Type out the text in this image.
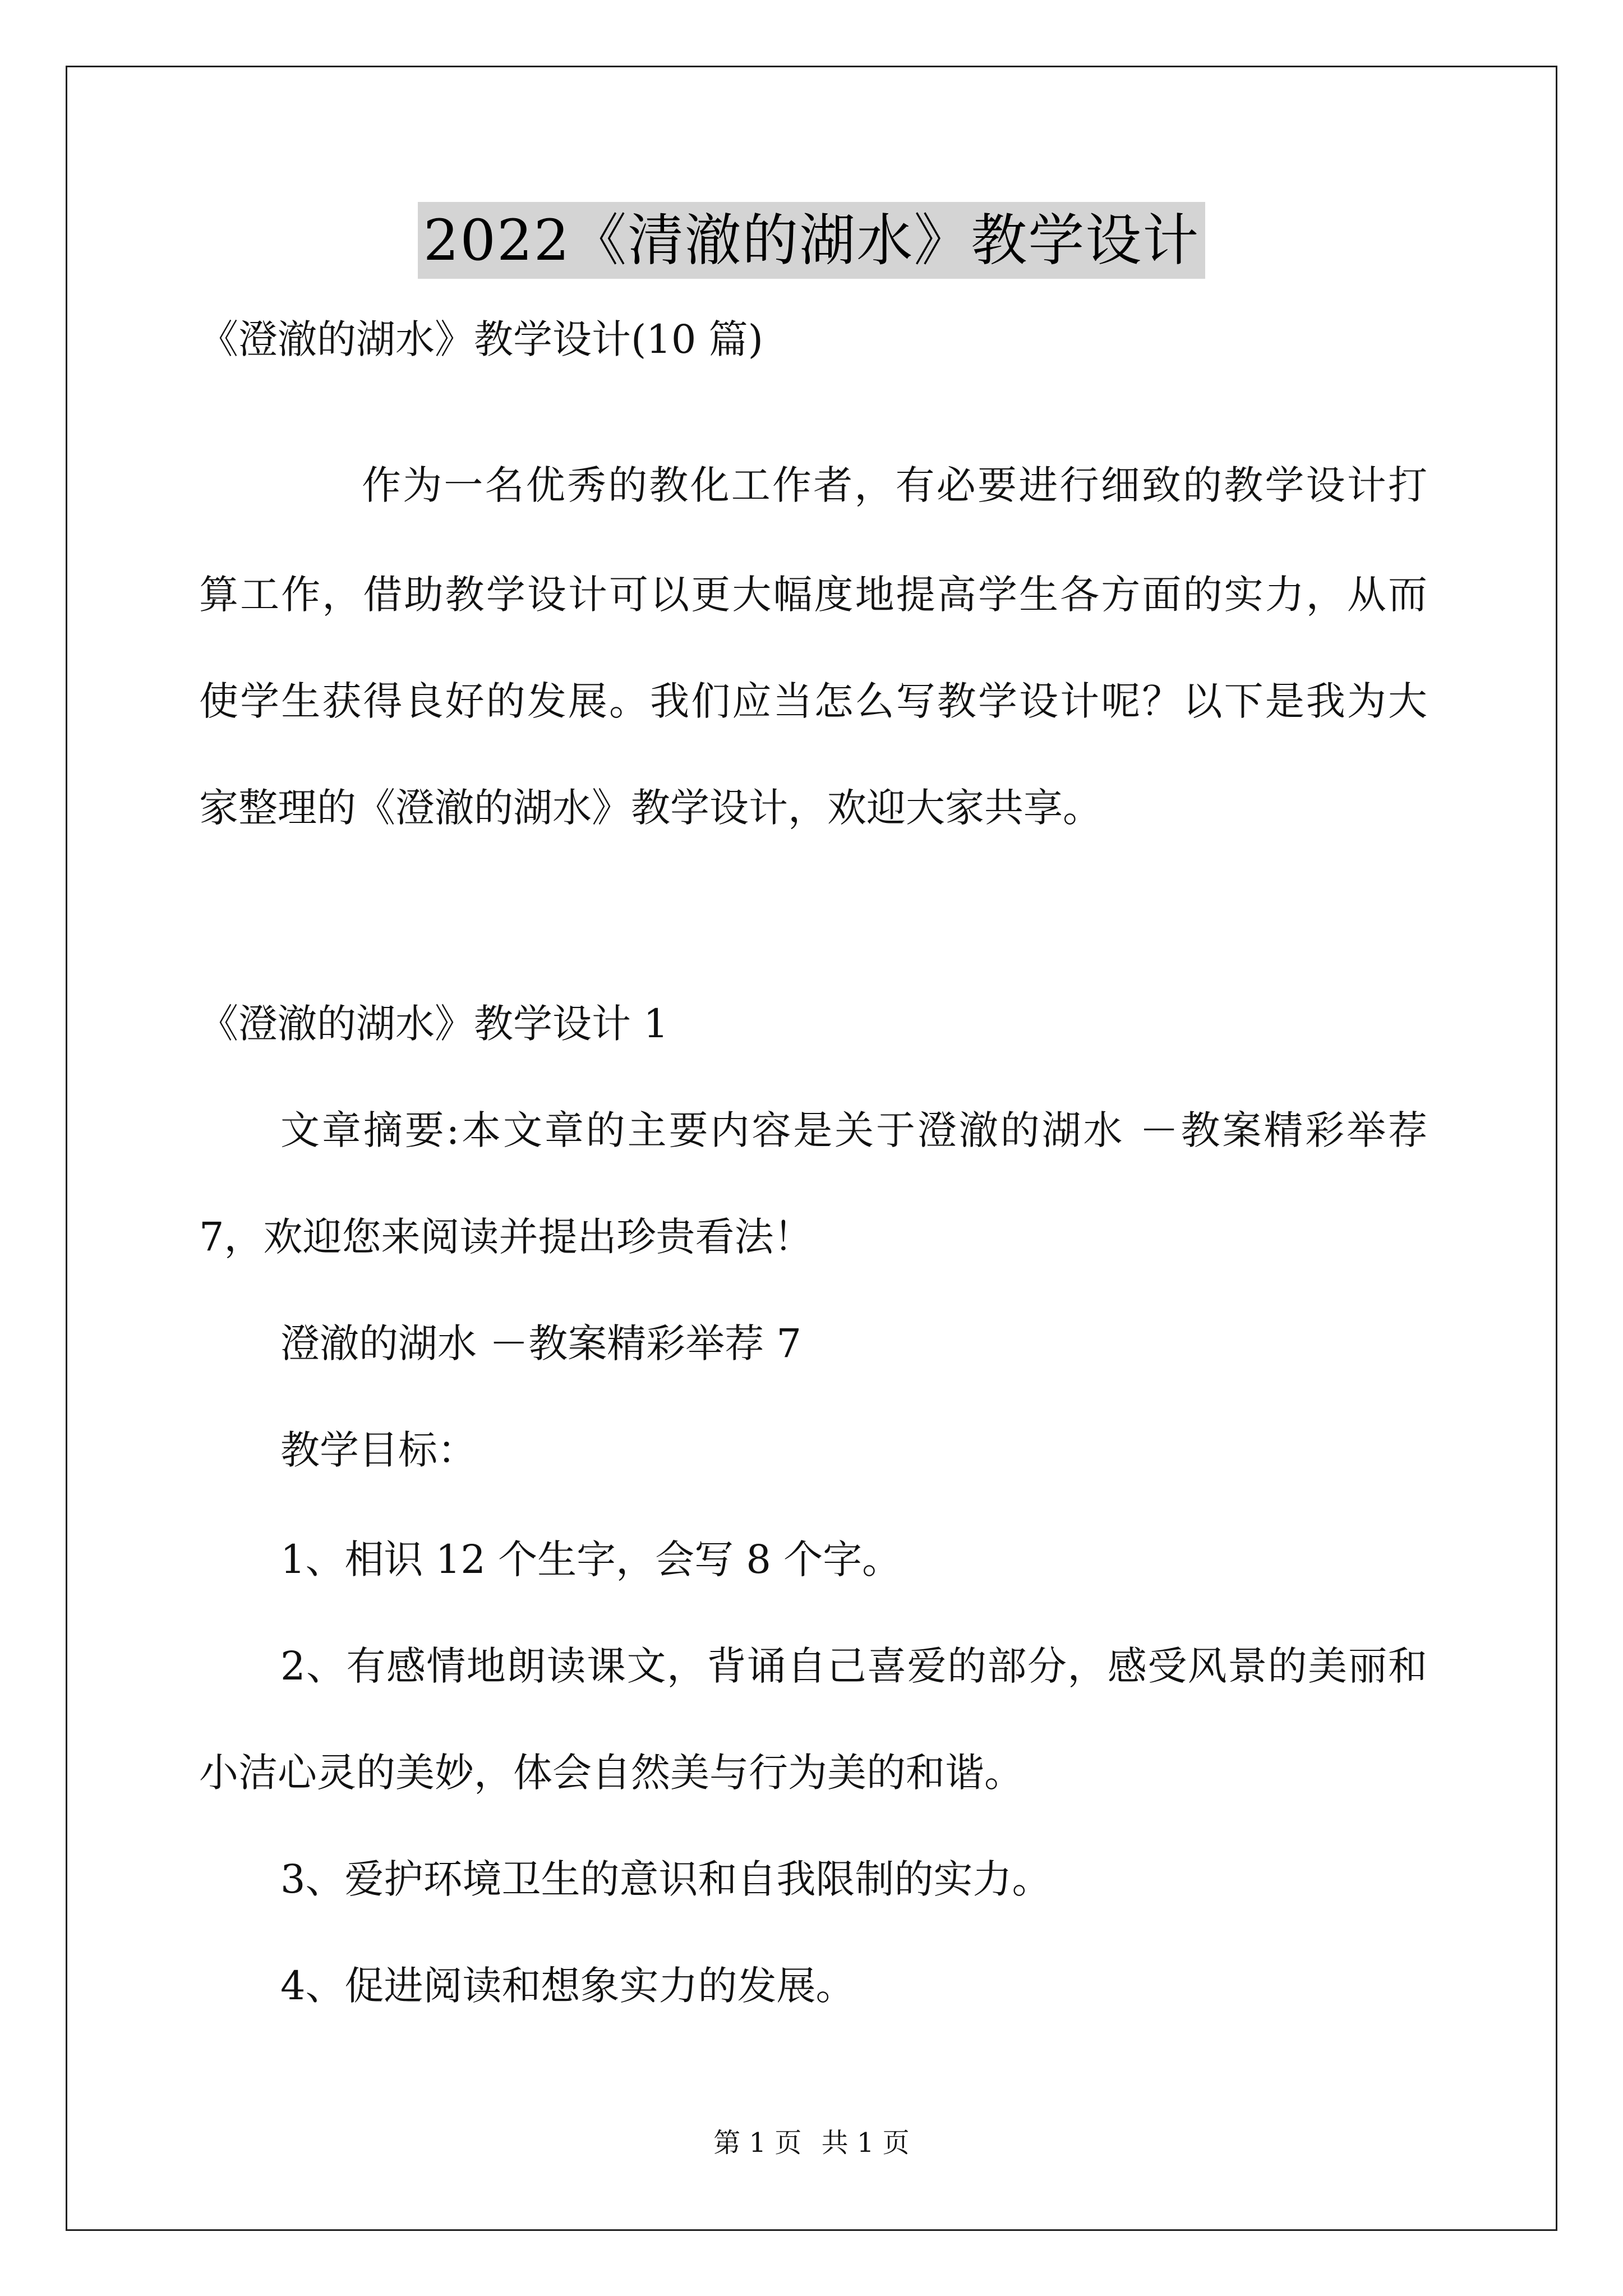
2022《清澈的湖水》教学设计
《澄澈的湖水》教学设计(10 篇)
作为一名优秀的教化工作者，有必要进行细致的教学设计打
算工作，借助教学设计可以更大幅度地提高学生各方面的实力，从而
使学生获得良好的发展。我们应当怎么写教学设计呢？以下是我为大
家整理的《澄澈的湖水》教学设计，欢迎大家共享。
《澄澈的湖水》教学设计 1
文章摘要:本文章的主要内容是关于澄澈的湖水 －教案精彩举荐
7，欢迎您来阅读并提出珍贵看法！
澄澈的湖水 －教案精彩举荐 7
教学目标：
1、相识 12 个生字，会写 8 个字。
2、有感情地朗读课文，背诵自己喜爱的部分，感受风景的美丽和
小洁心灵的美妙，体会自然美与行为美的和谐。
3、爱护环境卫生的意识和自我限制的实力。
4、促进阅读和想象实力的发展。
第 1 页 共 1 页
